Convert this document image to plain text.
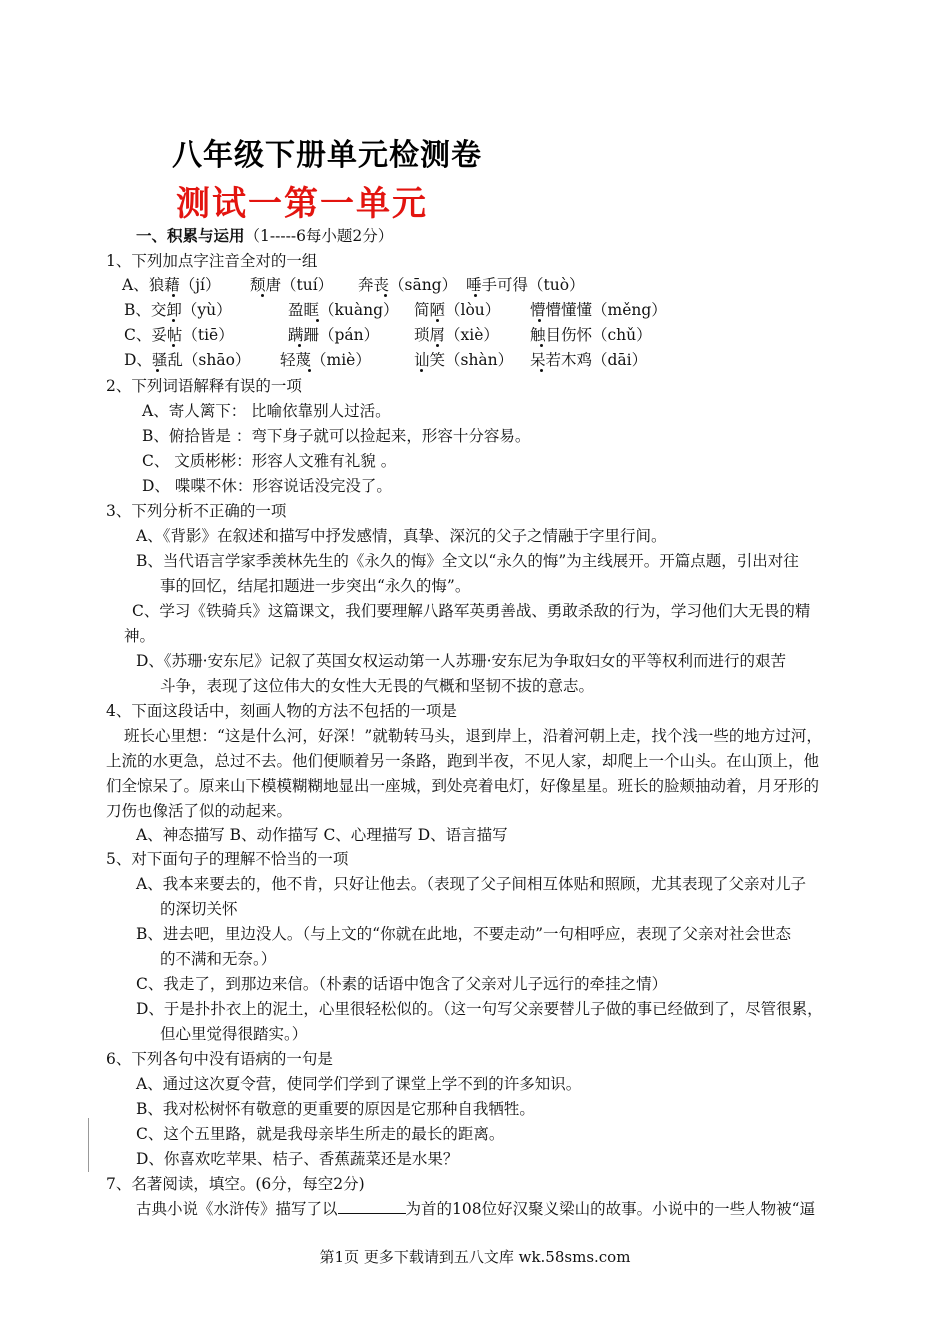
八年级下册单元检测卷
测试一第一单元
一、积累与运用（1-----6每小题2分）
1、下列加点字注音全对的一组
A、狼藉（jí） 颓唐（tuí） 奔丧（sāng） 唾手可得（tuò）
B、交卸（yù）	盈眶（kuàng） 简陋（lòu） 懵懵懂懂（měng）
C、妥帖（tiē）	蹒跚（pán） 琐屑（xiè） 触目伤怀（chǔ）
D、骚乱（shāo） 轻蔑（miè）	讪笑（shàn） 呆若木鸡（dāi）
2、下列词语解释有误的一项
A、寄人篱下： 比喻依靠别人过活。
B、俯拾皆是 ：弯下身子就可以捡起来，形容十分容易。
C、 文质彬彬：形容人文雅有礼貌 。
D、 喋喋不休：形容说话没完没了。
3、下列分析不正确的一项
A、《背影》在叙述和描写中抒发感情，真挚、深沉的父子之情融于字里行间。
B、当代语言学家季羡林先生的《永久的悔》全文以“永久的悔”为主线展开。开篇点题，引出对往
事的回忆，结尾扣题进一步突出“永久的悔”。
C、学习《铁骑兵》这篇课文，我们要理解八路军英勇善战、勇敢杀敌的行为，学习他们大无畏的精
神。
D、《苏珊·安东尼》记叙了英国女权运动第一人苏珊·安东尼为争取妇女的平等权利而进行的艰苦
斗争，表现了这位伟大的女性大无畏的气概和坚韧不拔的意志。
4、下面这段话中，刻画人物的方法不包括的一项是
班长心里想：“这是什么河，好深！”就勒转马头，退到岸上，沿着河朝上走，找个浅一些的地方过河，
上流的水更急，总过不去。他们便顺着另一条路，跑到半夜，不见人家，却爬上一个山头。在山顶上，他
们全惊呆了。原来山下模模糊糊地显出一座城，到处亮着电灯，好像星星。班长的脸颊抽动着，月牙形的
刀伤也像活了似的动起来。
A、神态描写 B、动作描写 C、心理描写 D、语言描写
5、对下面句子的理解不恰当的一项
A、我本来要去的，他不肯，只好让他去。（表现了父子间相互体贴和照顾，尤其表现了父亲对儿子
的深切关怀
B、进去吧，里边没人。（与上文的“你就在此地，不要走动”一句相呼应，表现了父亲对社会世态
的不满和无奈。）
C、我走了，到那边来信。（朴素的话语中饱含了父亲对儿子远行的牵挂之情）
D、于是扑扑衣上的泥土，心里很轻松似的。（这一句写父亲要替儿子做的事已经做到了，尽管很累，
但心里觉得很踏实。）
6、下列各句中没有语病的一句是
A、通过这次夏令营，使同学们学到了课堂上学不到的许多知识。
B、我对松树怀有敬意的更重要的原因是它那种自我牺牲。
C、这个五里路，就是我母亲毕生所走的最长的距离。
D、你喜欢吃苹果、桔子、香蕉蔬菜还是水果？
7、名著阅读，填空。(6分，每空2分)
古典小说《水浒传》描写了以	为首的108位好汉聚义梁山的故事。小说中的一些人物被“逼
第1页 更多下载请到五八文库 wk.58sms.com
